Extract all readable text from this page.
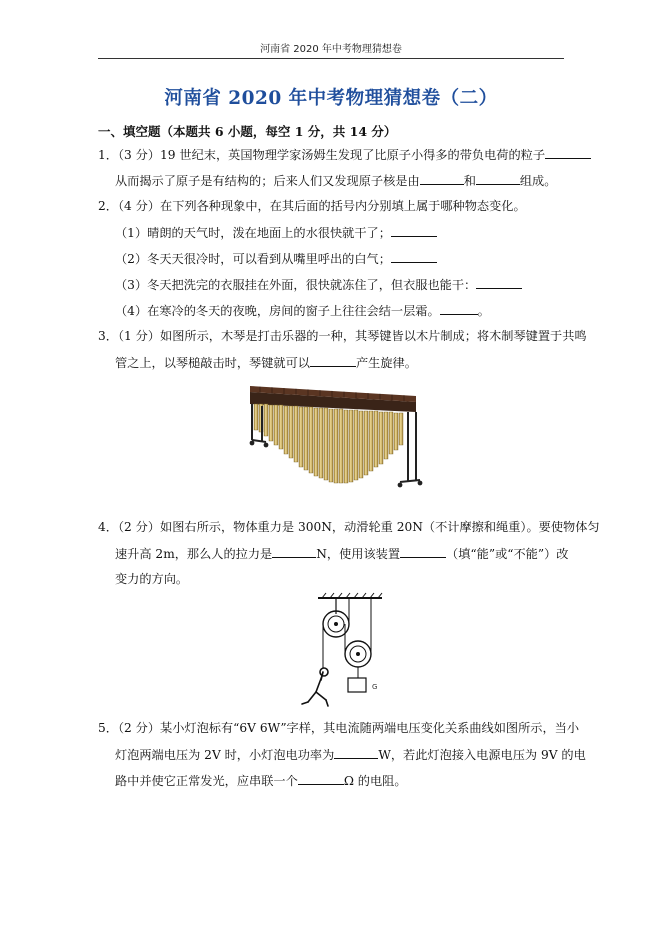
河南省 2020 年中考物理猜想卷
河南省 2020 年中考物理猜想卷（二）
一、填空题（本题共 6 小题，每空 1 分，共 14 分）
1．（3 分）19 世纪末，英国物理学家汤姆生发现了比原子小得多的带负电荷的粒子
从而揭示了原子是有结构的；后来人们又发现原子核是由	和	组成。
2．（4 分）在下列各种现象中，在其后面的括号内分别填上属于哪种物态变化。
（1）晴朗的天气时，泼在地面上的水很快就干了；
（2）冬天天很冷时，可以看到从嘴里呼出的白气；
（3）冬天把洗完的衣服挂在外面，很快就冻住了，但衣服也能干：
（4）在寒冷的冬天的夜晚，房间的窗子上往往会结一层霜。	。
3．（1 分）如图所示，木琴是打击乐器的一种，其琴键皆以木片制成；将木制琴键置于共鸣
管之上，以琴槌敲击时，琴键就可以	产生旋律。
4．（2 分）如图右所示，物体重力是 300N，动滑轮重 20N（不计摩擦和绳重）。要使物体匀
速升高 2m，那么人的拉力是	N，使用该装置	（填“能”或“不能”）改
变力的方向。
G
5．（2 分）某小灯泡标有“6V 6W”字样，其电流随两端电压变化关系曲线如图所示，当小
灯泡两端电压为 2V 时，小灯泡电功率为	W，若此灯泡接入电源电压为 9V 的电
路中并使它正常发光，应串联一个	Ω 的电阻。
